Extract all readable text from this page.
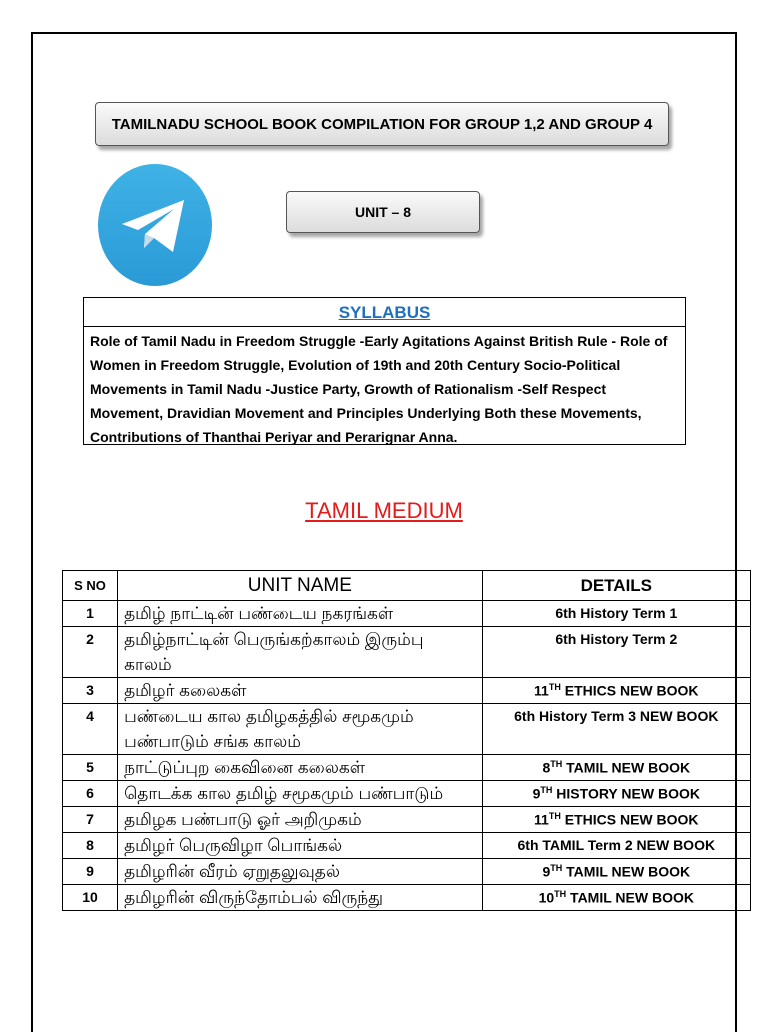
TAMILNADU SCHOOL BOOK COMPILATION FOR GROUP 1,2 AND GROUP 4
UNIT – 8
SYLLABUS
Role of Tamil Nadu in Freedom Struggle -Early Agitations Against British Rule - Role of Women in Freedom Struggle, Evolution of 19th and 20th Century Socio-Political Movements in Tamil Nadu -Justice Party, Growth of Rationalism -Self Respect Movement, Dravidian Movement and Principles Underlying Both these Movements, Contributions of Thanthai Periyar and Perarignar Anna.
TAMIL MEDIUM
S NO	UNIT NAME	DETAILS
1	தமிழ் நாட்டின் பண்டைய நகரங்கள்	6th History Term 1
2	தமிழ்நாட்டின் பெருங்கற்காலம் இரும்பு காலம்	6th History Term 2
3	தமிழர் கலைகள்	11TH ETHICS NEW BOOK
4	பண்டைய கால தமிழகத்தில் சமூகமும் பண்பாடும் சங்க காலம்	6th History Term 3 NEW BOOK
5	நாட்டுப்புற கைவினை கலைகள்	8TH TAMIL NEW BOOK
6	தொடக்க கால தமிழ் சமூகமும் பண்பாடும்	9TH HISTORY NEW BOOK
7	தமிழக பண்பாடு ஓர் அறிமுகம்	11TH ETHICS NEW BOOK
8	தமிழர் பெருவிழா பொங்கல்	6th TAMIL Term 2 NEW BOOK
9	தமிழரின் வீரம் ஏறுதலுவுதல்	9TH TAMIL NEW BOOK
10	தமிழரின் விருந்தோம்பல் விருந்து	10TH TAMIL NEW BOOK
